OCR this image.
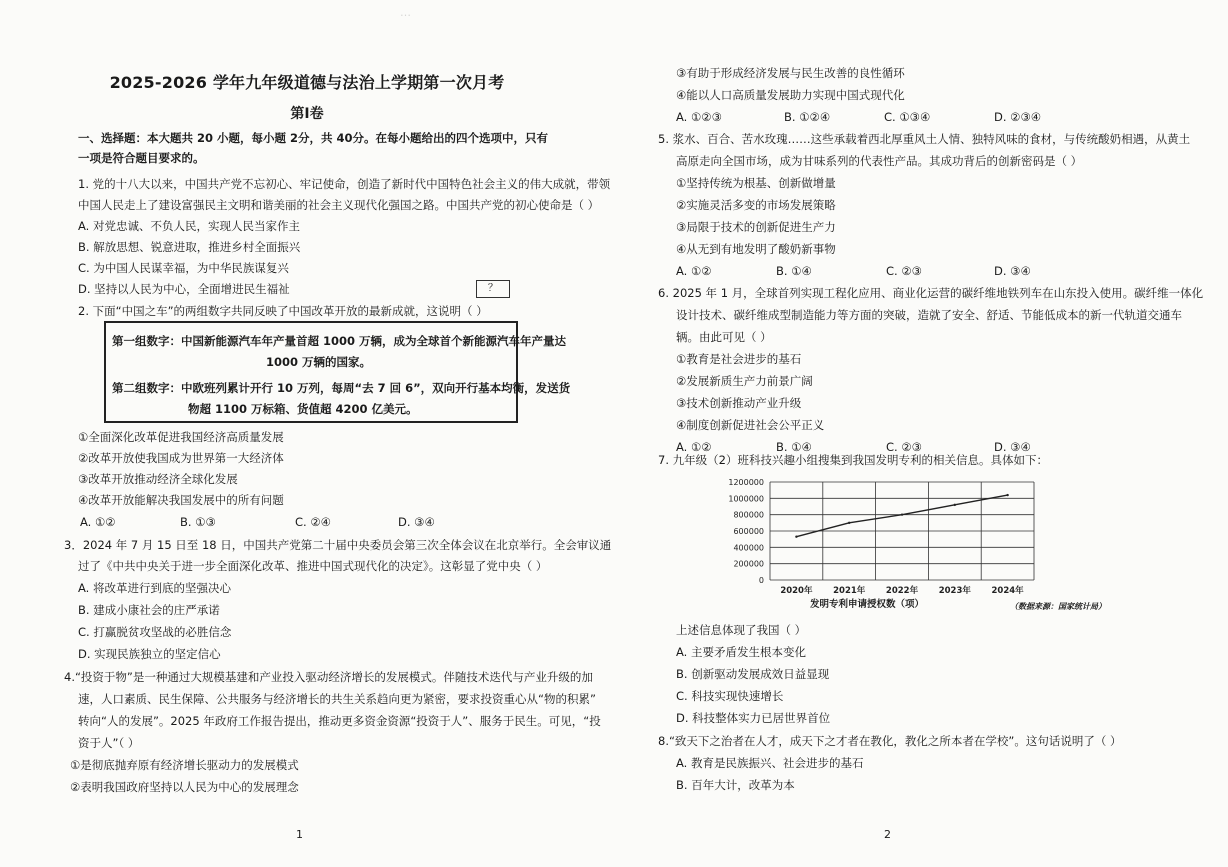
…
2025-2026 学年九年级道德与法治上学期第一次月考
第Ⅰ卷
一、选择题：本大题共 20 小题，每小题 2分，共 40分。在每小题给出的四个选项中，只有
一项是符合题目要求的。
1. 党的十八大以来，中国共产党不忘初心、牢记使命，创造了新时代中国特色社会主义的伟大成就，带领
中国人民走上了建设富强民主文明和谐美丽的社会主义现代化强国之路。中国共产党的初心使命是（ ）
A. 对党忠诚、不负人民，实现人民当家作主
B. 解放思想、锐意进取，推进乡村全面振兴
C. 为中国人民谋幸福，为中华民族谋复兴
D. 坚持以人民为中心，全面增进民生福祉	？
2. 下面“中国之车”的两组数字共同反映了中国改革开放的最新成就，这说明（ ）
第一组数字：中国新能源汽车年产量首超 1000 万辆，成为全球首个新能源汽车年产量达
1000 万辆的国家。
第二组数字：中欧班列累计开行 10 万列，每周“去 7 回 6”，双向开行基本均衡，发送货
物超 1100 万标箱、货值超 4200 亿美元。
①全面深化改革促进我国经济高质量发展
②改革开放使我国成为世界第一大经济体
③改革开放推动经济全球化发展
④改革开放能解决我国发展中的所有问题
A. ①②	B. ①③	C. ②④	D. ③④
3．2024 年 7 月 15 日至 18 日，中国共产党第二十届中央委员会第三次全体会议在北京举行。全会审议通
过了《中共中央关于进一步全面深化改革、推进中国式现代化的决定》。这彰显了党中央（ ）
A. 将改革进行到底的坚强决心
B. 建成小康社会的庄严承诺
C. 打赢脱贫攻坚战的必胜信念
D. 实现民族独立的坚定信心
4.“投资于物”是一种通过大规模基建和产业投入驱动经济增长的发展模式。伴随技术迭代与产业升级的加
速，人口素质、民生保障、公共服务与经济增长的共生关系趋向更为紧密，要求投资重心从“物的积累”
转向“人的发展”。2025 年政府工作报告提出，推动更多资金资源“投资于人”、服务于民生。可见，“投
资于人”（ ）
①是彻底抛弃原有经济增长驱动力的发展模式
②表明我国政府坚持以人民为中心的发展理念
1
③有助于形成经济发展与民生改善的良性循环
④能以人口高质量发展助力实现中国式现代化
A. ①②③	B. ①②④	C. ①③④	D. ②③④
5. 浆水、百合、苦水玫瑰……这些承载着西北厚重风土人情、独特风味的食材，与传统酸奶相遇，从黄土
高原走向全国市场，成为甘味系列的代表性产品。其成功背后的创新密码是（ ）
①坚持传统为根基、创新做增量
②实施灵活多变的市场发展策略
③局限于技术的创新促进生产力
④从无到有地发明了酸奶新事物
A. ①②	B. ①④	C. ②③	D. ③④
6. 2025 年 1 月，全球首列实现工程化应用、商业化运营的碳纤维地铁列车在山东投入使用。碳纤维一体化
设计技术、碳纤维成型制造能力等方面的突破，造就了安全、舒适、节能低成本的新一代轨道交通车
辆。由此可见（ ）
①教育是社会进步的基石
②发展新质生产力前景广阔
③技术创新推动产业升级
④制度创新促进社会公平正义
A. ①②	B. ①④	C. ②③	D. ③④
7. 九年级（2）班科技兴趣小组搜集到我国发明专利的相关信息。具体如下：
1200000
1000000
800000
600000
400000
200000
0
2020年 2021年 2022年 2023年 2024年
发明专利申请授权数（项）	（数据来源：国家统计局）
上述信息体现了我国（ ）
A. 主要矛盾发生根本变化
B. 创新驱动发展成效日益显现
C. 科技实现快速增长
D. 科技整体实力已居世界首位
8.“致天下之治者在人才，成天下之才者在教化，教化之所本者在学校”。这句话说明了（ ）
A. 教育是民族振兴、社会进步的基石
B. 百年大计，改革为本
2
